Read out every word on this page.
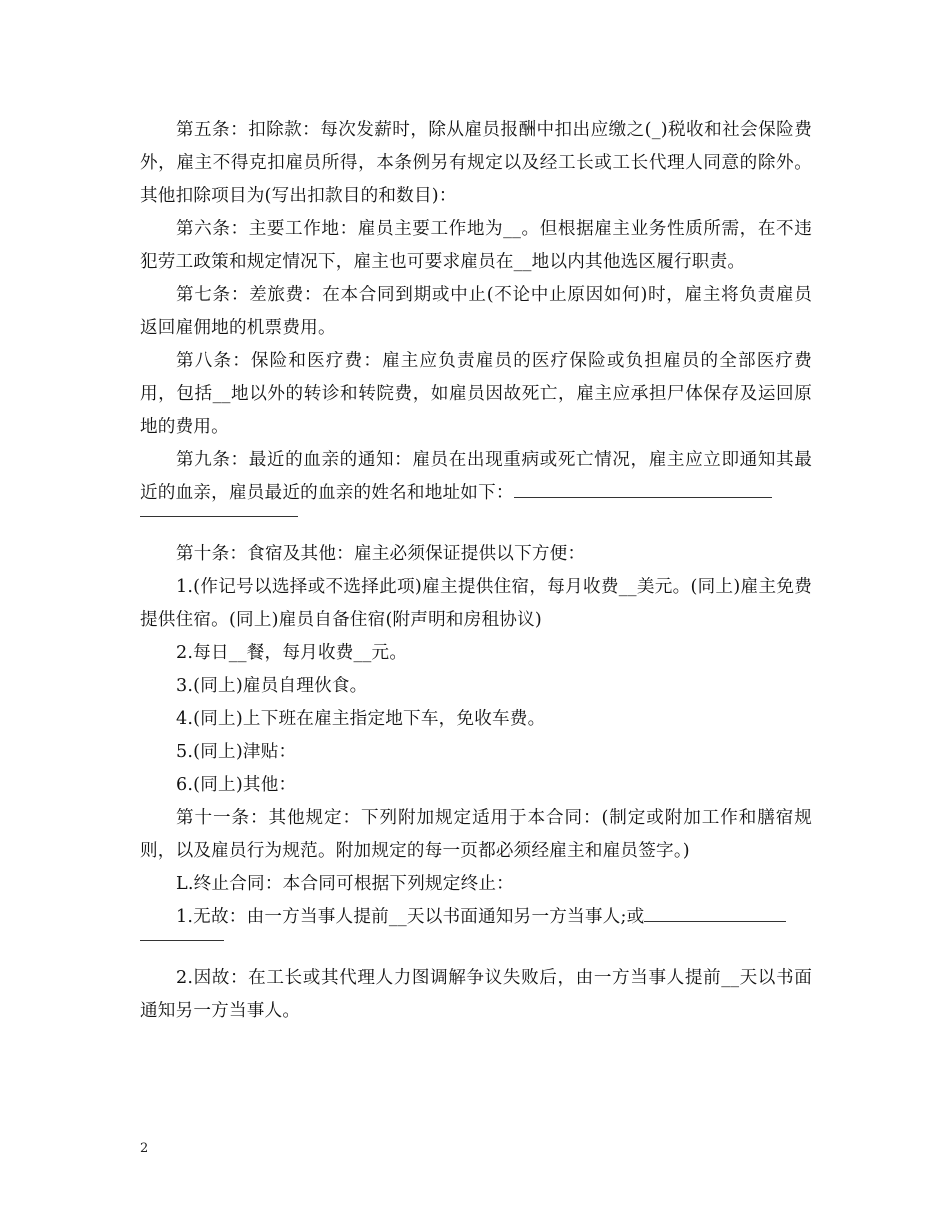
第五条：扣除款：每次发薪时，除从雇员报酬中扣出应缴之(_)税收和社会保险费外，雇主不得克扣雇员所得，本条例另有规定以及经工长或工长代理人同意的除外。其他扣除项目为(写出扣款目的和数目)：

第六条：主要工作地：雇员主要工作地为__。但根据雇主业务性质所需，在不违犯劳工政策和规定情况下，雇主也可要求雇员在__地以内其他选区履行职责。

第七条：差旅费：在本合同到期或中止(不论中止原因如何)时，雇主将负责雇员返回雇佣地的机票费用。

第八条：保险和医疗费：雇主应负责雇员的医疗保险或负担雇员的全部医疗费用，包括__地以外的转诊和转院费，如雇员因故死亡，雇主应承担尸体保存及运回原地的费用。

第九条：最近的血亲的通知：雇员在出现重病或死亡情况，雇主应立即通知其最近的血亲，雇员最近的血亲的姓名和地址如下：

第十条：食宿及其他：雇主必须保证提供以下方便：

1.(作记号以选择或不选择此项)雇主提供住宿，每月收费__美元。(同上)雇主免费提供住宿。(同上)雇员自备住宿(附声明和房租协议)

2.每日__餐，每月收费__元。

3.(同上)雇员自理伙食。

4.(同上)上下班在雇主指定地下车，免收车费。

5.(同上)津贴：

6.(同上)其他：

第十一条：其他规定：下列附加规定适用于本合同：(制定或附加工作和膳宿规则，以及雇员行为规范。附加规定的每一页都必须经雇主和雇员签字。)

L.终止合同：本合同可根据下列规定终止：

1.无故：由一方当事人提前__天以书面通知另一方当事人;或

2.因故：在工长或其代理人力图调解争议失败后，由一方当事人提前__天以书面通知另一方当事人。

2
